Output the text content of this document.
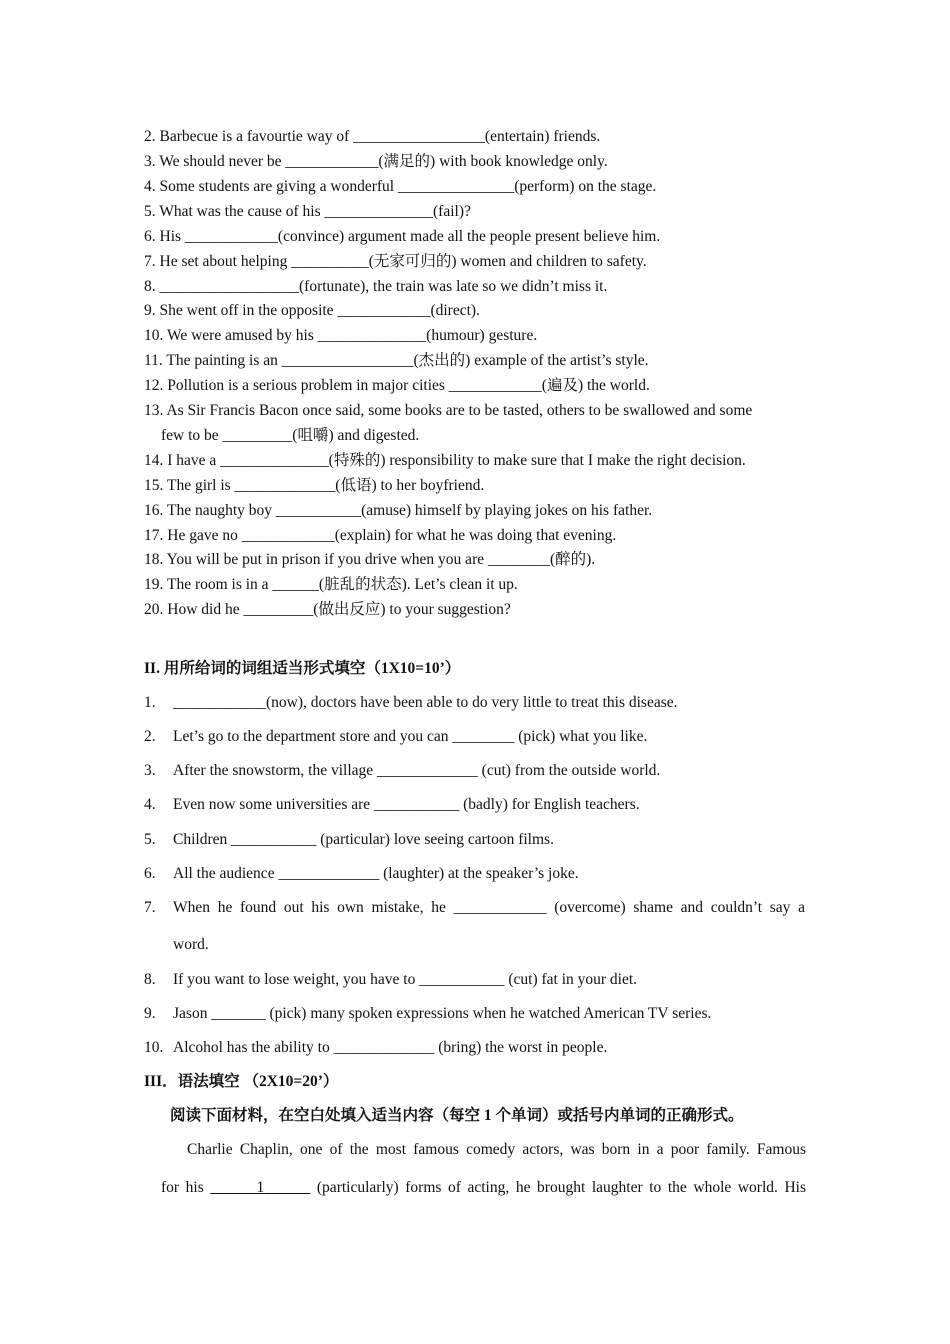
2. Barbecue is a favourtie way of _________________(entertain) friends.
3. We should never be ____________(满足的) with book knowledge only.
4. Some students are giving a wonderful _______________(perform) on the stage.
5. What was the cause of his ______________(fail)?
6. His ____________(convince) argument made all the people present believe him.
7. He set about helping __________(无家可归的) women and children to safety.
8. __________________(fortunate), the train was late so we didn’t miss it.
9. She went off in the opposite ____________(direct).
10. We were amused by his ______________(humour) gesture.
11. The painting is an _________________(杰出的) example of the artist’s style.
12. Pollution is a serious problem in major cities ____________(遍及) the world.
13. As Sir Francis Bacon once said, some books are to be tasted, others to be swallowed and some
few to be _________(咀嚼) and digested.
14. I have a ______________(特殊的) responsibility to make sure that I make the right decision.
15. The girl is _____________(低语) to her boyfriend.
16. The naughty boy ___________(amuse) himself by playing jokes on his father.
17. He gave no ____________(explain) for what he was doing that evening.
18. You will be put in prison if you drive when you are ________(醉的).
19. The room is in a ______(脏乱的状态). Let’s clean it up.
20. How did he _________(做出反应) to your suggestion?
II. 用所给词的词组适当形式填空（1X10=10’）
1. ____________(now), doctors have been able to do very little to treat this disease.
2. Let’s go to the department store and you can ________ (pick) what you like.
3. After the snowstorm, the village _____________ (cut) from the outside world.
4. Even now some universities are ___________ (badly) for English teachers.
5. Children ___________ (particular) love seeing cartoon films.
6. All the audience _____________ (laughter) at the speaker’s joke.
7. When he found out his own mistake, he ____________ (overcome) shame and couldn’t say a
word.
8. If you want to lose weight, you have to ___________ (cut) fat in your diet.
9. Jason _______ (pick) many spoken expressions when he watched American TV series.
10. Alcohol has the ability to _____________ (bring) the worst in people.
III．语法填空 （2X10=20’）
阅读下面材料，在空白处填入适当内容（每空 1 个单词）或括号内单词的正确形式。
Charlie Chaplin, one of the most famous comedy actors, was born in a poor family. Famous
for his	1	(particularly) forms of acting, he brought laughter to the whole world. His
